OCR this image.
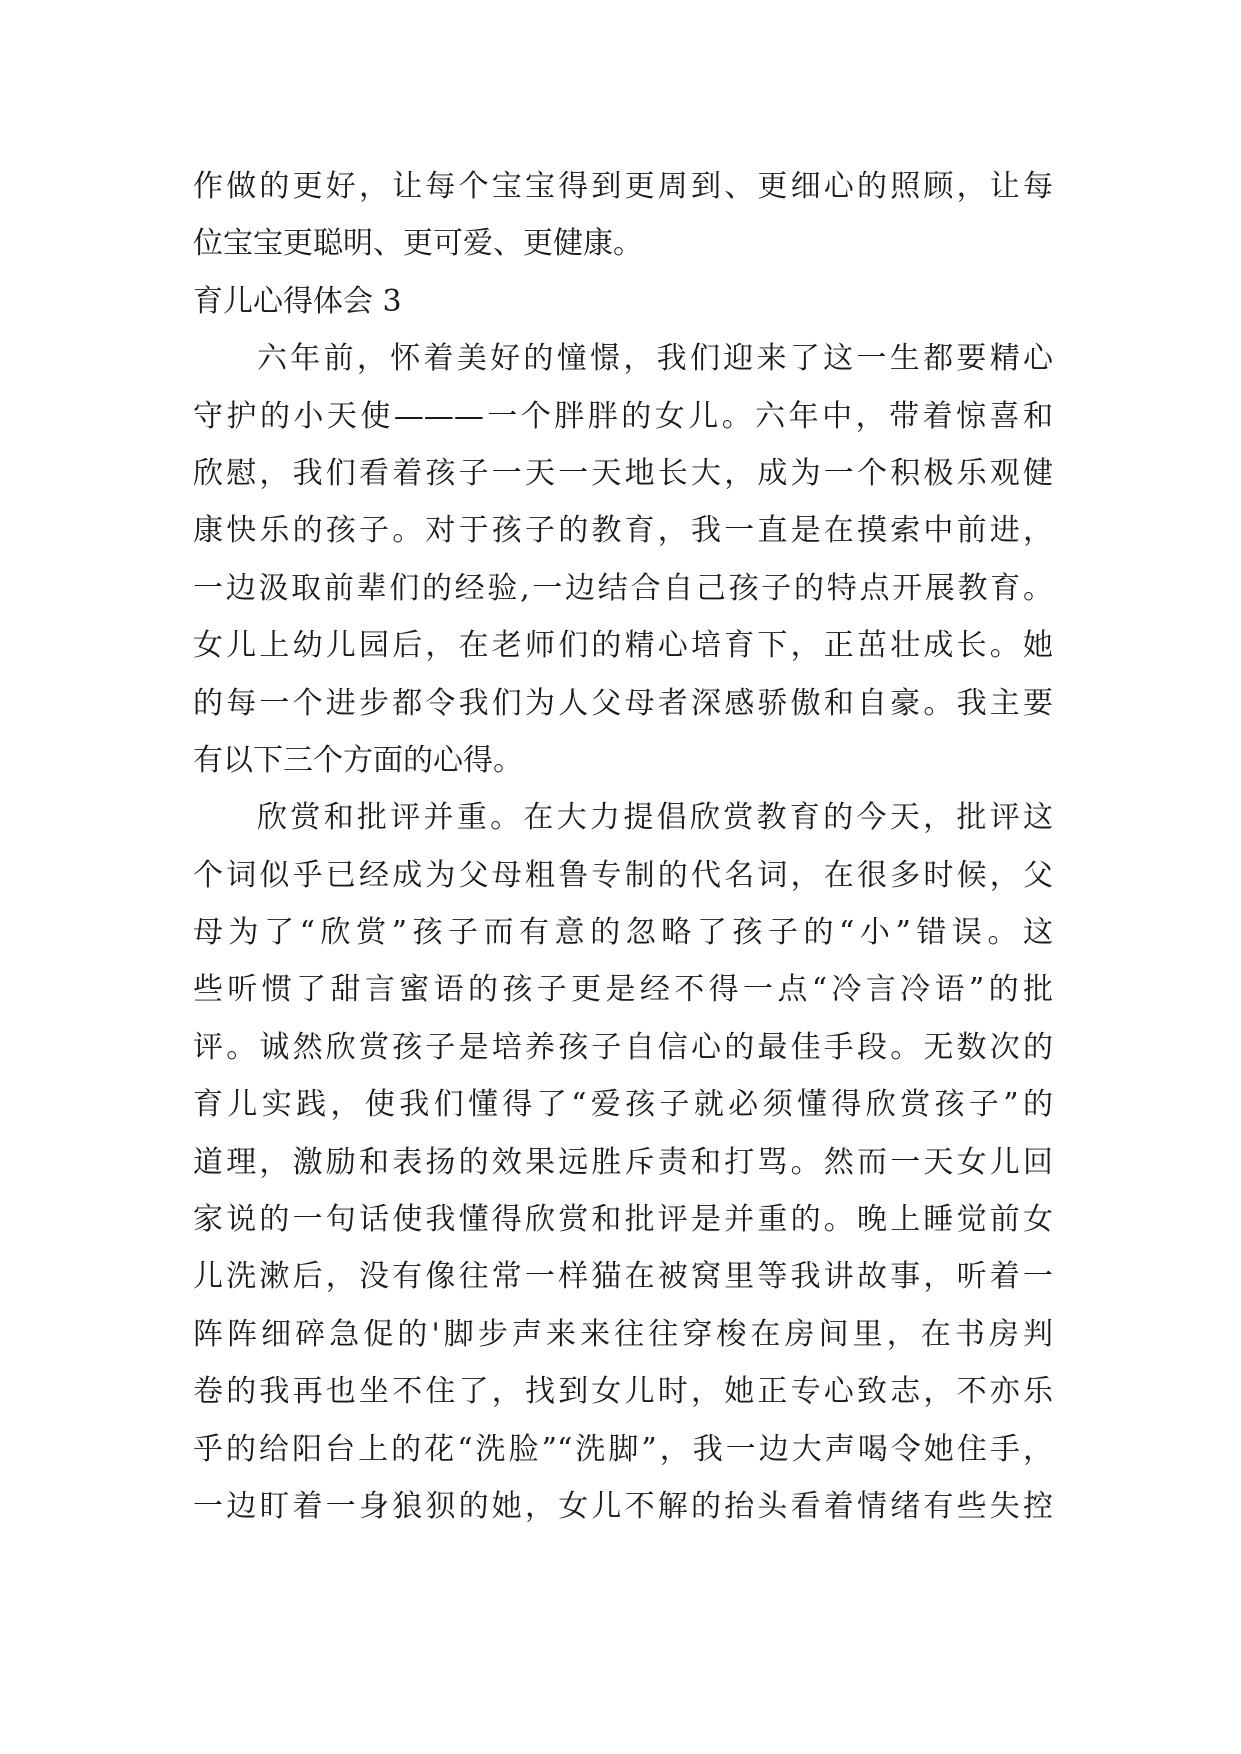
作做的更好，让每个宝宝得到更周到、更细心的照顾，让每
位宝宝更聪明、更可爱、更健康。
育儿心得体会 3
六年前，怀着美好的憧憬，我们迎来了这一生都要精心
守护的小天使———一个胖胖的女儿。六年中，带着惊喜和
欣慰，我们看着孩子一天一天地长大，成为一个积极乐观健
康快乐的孩子。对于孩子的教育，我一直是在摸索中前进，
一边汲取前辈们的经验,一边结合自己孩子的特点开展教育。
女儿上幼儿园后，在老师们的精心培育下，正茁壮成长。她
的每一个进步都令我们为人父母者深感骄傲和自豪。我主要
有以下三个方面的心得。
欣赏和批评并重。在大力提倡欣赏教育的今天，批评这
个词似乎已经成为父母粗鲁专制的代名词，在很多时候，父
母为了“欣赏”孩子而有意的忽略了孩子的“小”错误。这
些听惯了甜言蜜语的孩子更是经不得一点“冷言冷语”的批
评。诚然欣赏孩子是培养孩子自信心的最佳手段。无数次的
育儿实践，使我们懂得了“爱孩子就必须懂得欣赏孩子”的
道理，激励和表扬的效果远胜斥责和打骂。然而一天女儿回
家说的一句话使我懂得欣赏和批评是并重的。晚上睡觉前女
儿洗漱后，没有像往常一样猫在被窝里等我讲故事，听着一
阵阵细碎急促的'脚步声来来往往穿梭在房间里，在书房判
卷的我再也坐不住了，找到女儿时，她正专心致志，不亦乐
乎的给阳台上的花“洗脸”“洗脚”，我一边大声喝令她住手，
一边盯着一身狼狈的她，女儿不解的抬头看着情绪有些失控
